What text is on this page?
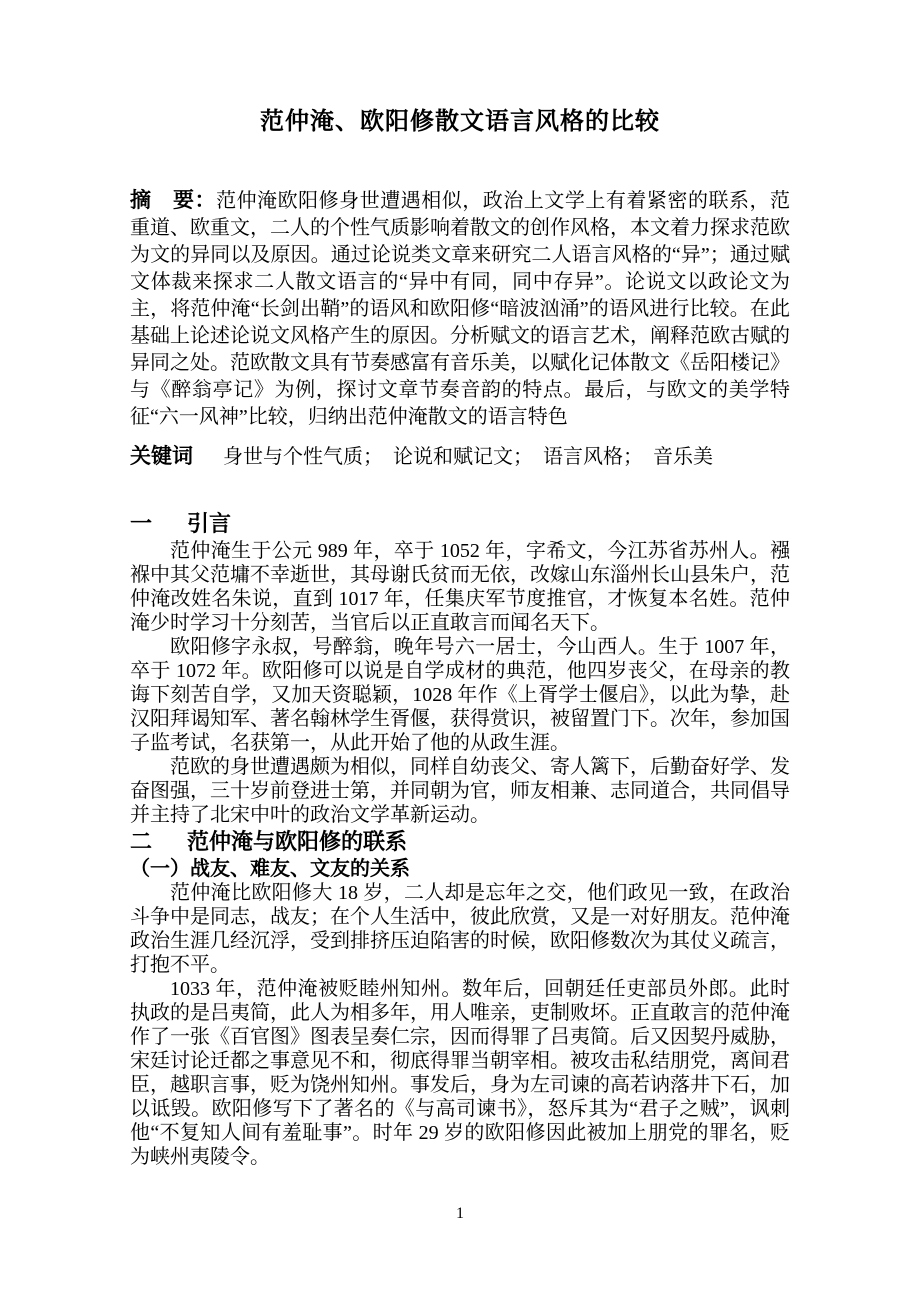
范仲淹、欧阳修散文语言风格的比较
摘　要：范仲淹欧阳修身世遭遇相似，政治上文学上有着紧密的联系，范重道、欧重文，二人的个性气质影响着散文的创作风格，本文着力探求范欧为文的异同以及原因。通过论说类文章来研究二人语言风格的“异”；通过赋文体裁来探求二人散文语言的“异中有同，同中存异”。论说文以政论文为主，将范仲淹“长剑出鞘”的语风和欧阳修“暗波汹涌”的语风进行比较。在此基础上论述论说文风格产生的原因。分析赋文的语言艺术，阐释范欧古赋的异同之处。范欧散文具有节奏感富有音乐美，以赋化记体散文《岳阳楼记》与《醉翁亭记》为例，探讨文章节奏音韵的特点。最后，与欧文的美学特征“六一风神”比较，归纳出范仲淹散文的语言特色
关键词 身世与个性气质；　论说和赋记文；　语言风格；　音乐美
一 引言

范仲淹生于公元 989 年，卒于 1052 年，字希文，今江苏省苏州人。襁褓中其父范墉不幸逝世，其母谢氏贫而无依，改嫁山东淄州长山县朱户，范仲淹改姓名朱说，直到 1017 年，任集庆军节度推官，才恢复本名姓。范仲淹少时学习十分刻苦，当官后以正直敢言而闻名天下。

欧阳修字永叔，号醉翁，晚年号六一居士，今山西人。生于 1007 年，卒于 1072 年。欧阳修可以说是自学成材的典范，他四岁丧父，在母亲的教诲下刻苦自学，又加天资聪颖，1028 年作《上胥学士偃启》，以此为挚，赴汉阳拜谒知军、著名翰林学生胥偃，获得赏识，被留置门下。次年，参加国子监考试，名获第一，从此开始了他的从政生涯。

范欧的身世遭遇颇为相似，同样自幼丧父、寄人篱下，后勤奋好学、发奋图强，三十岁前登进士第，并同朝为官，师友相兼、志同道合，共同倡导并主持了北宋中叶的政治文学革新运动。

二 范仲淹与欧阳修的联系
（一）战友、难友、文友的关系

范仲淹比欧阳修大 18 岁，二人却是忘年之交，他们政见一致，在政治斗争中是同志，战友；在个人生活中，彼此欣赏，又是一对好朋友。范仲淹政治生涯几经沉浮，受到排挤压迫陷害的时候，欧阳修数次为其仗义疏言，打抱不平。

1033 年，范仲淹被贬睦州知州。数年后，回朝廷任吏部员外郎。此时执政的是吕夷简，此人为相多年，用人唯亲，吏制败坏。正直敢言的范仲淹作了一张《百官图》图表呈奏仁宗，因而得罪了吕夷简。后又因契丹威胁，宋廷讨论迁都之事意见不和，彻底得罪当朝宰相。被攻击私结朋党，离间君臣，越职言事，贬为饶州知州。事发后，身为左司谏的高若讷落井下石，加以诋毁。欧阳修写下了著名的《与高司谏书》，怒斥其为“君子之贼”，讽刺他“不复知人间有羞耻事”。时年 29 岁的欧阳修因此被加上朋党的罪名，贬为峡州夷陵令。

1
